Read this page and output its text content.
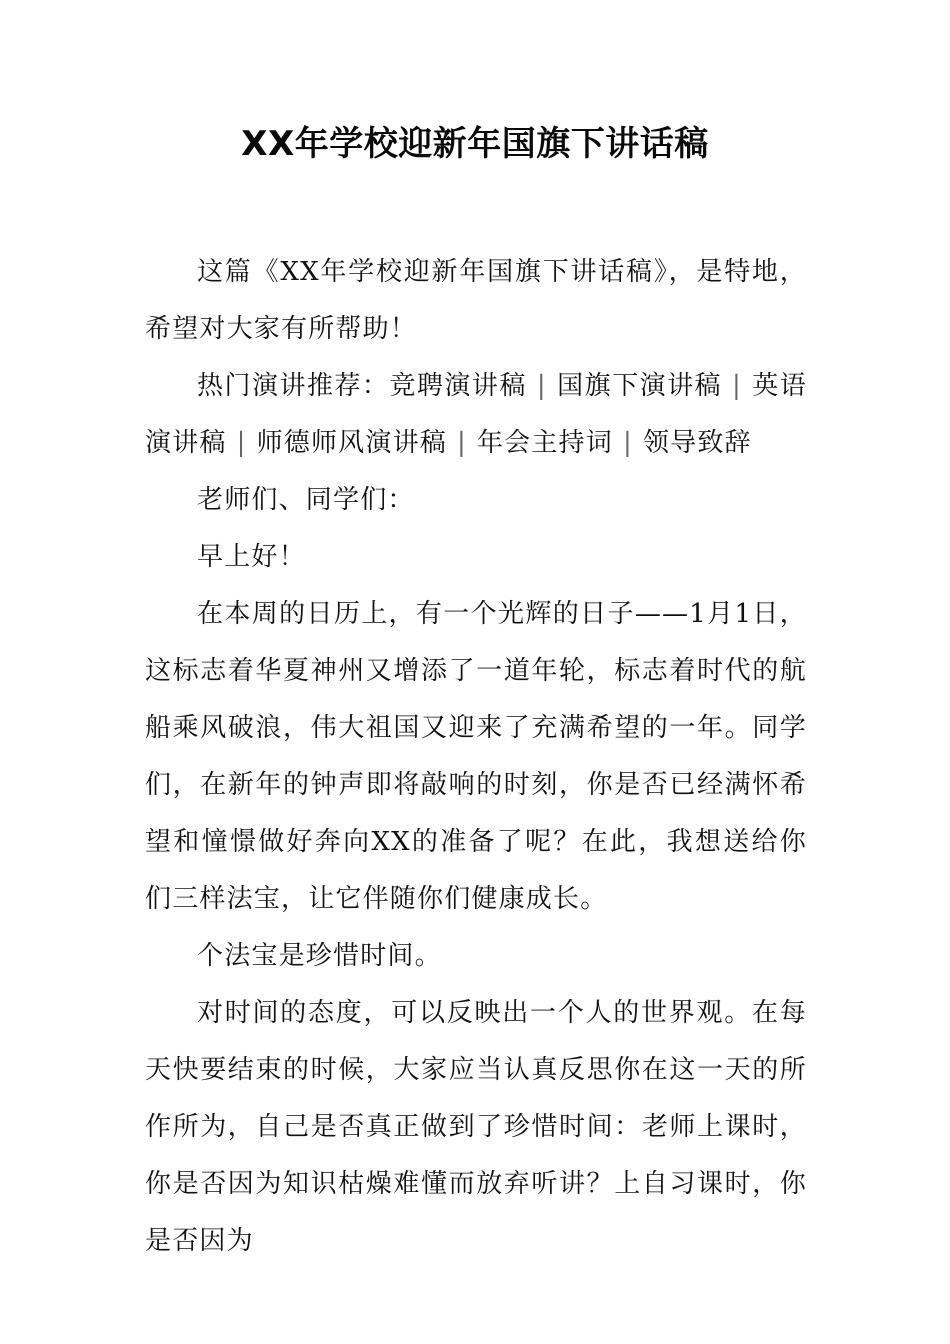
XX年学校迎新年国旗下讲话稿

这篇《XX年学校迎新年国旗下讲话稿》，是特地，希望对大家有所帮助！

热门演讲推荐：竞聘演讲稿 | 国旗下演讲稿 | 英语演讲稿 | 师德师风演讲稿 | 年会主持词 | 领导致辞

老师们、同学们：

早上好！

在本周的日历上，有一个光辉的日子——1月1日，这标志着华夏神州又增添了一道年轮，标志着时代的航船乘风破浪，伟大祖国又迎来了充满希望的一年。同学们，在新年的钟声即将敲响的时刻，你是否已经满怀希望和憧憬做好奔向XX的准备了呢？在此，我想送给你们三样法宝，让它伴随你们健康成长。

个法宝是珍惜时间。

对时间的态度，可以反映出一个人的世界观。在每天快要结束的时候，大家应当认真反思你在这一天的所作所为，自己是否真正做到了珍惜时间：老师上课时，你是否因为知识枯燥难懂而放弃听讲？上自习课时，你是否因为
